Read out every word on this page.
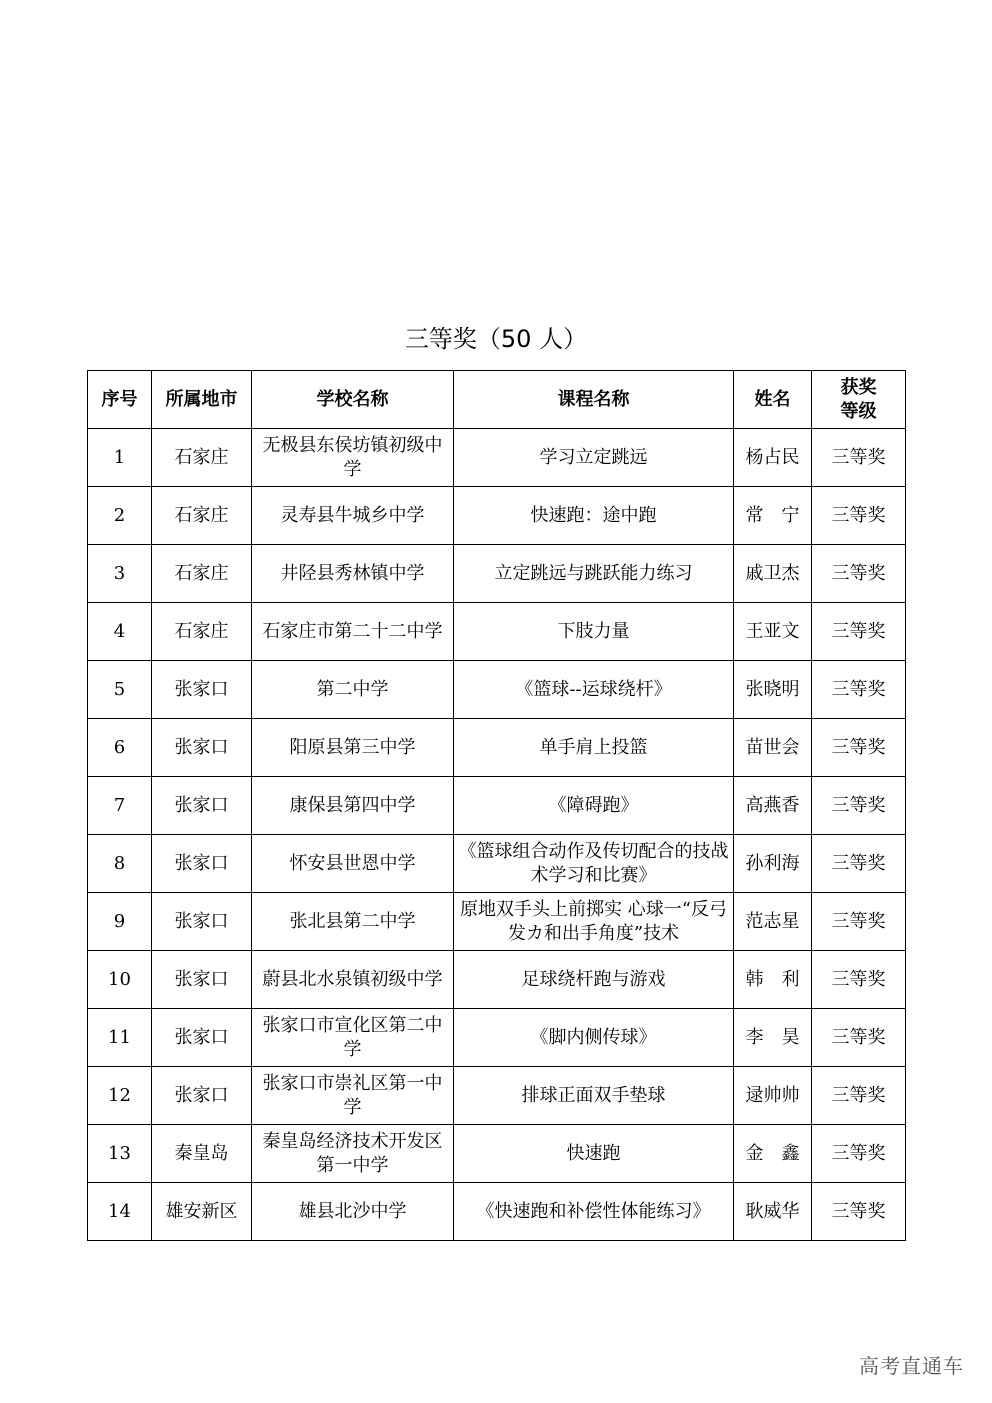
三等奖（50 人）
序号	所属地市	学校名称	课程名称	姓名	获奖
等级
1	石家庄	无极县东侯坊镇初级中学	学习立定跳远	杨占民	三等奖
2	石家庄	灵寿县牛城乡中学	快速跑：途中跑	常　宁	三等奖
3	石家庄	井陉县秀林镇中学	立定跳远与跳跃能力练习	戚卫杰	三等奖
4	石家庄	石家庄市第二十二中学	下肢力量	王亚文	三等奖
5	张家口	第二中学	《篮球--运球绕杆》	张晓明	三等奖
6	张家口	阳原县第三中学	单手肩上投篮	苗世会	三等奖
7	张家口	康保县第四中学	《障碍跑》	高燕香	三等奖
8	张家口	怀安县世恩中学	《篮球组合动作及传切配合的技战术学习和比赛》	孙利海	三等奖
9	张家口	张北县第二中学	原地双手头上前掷实 心球一“反弓发カ和出手角度”技术	范志星	三等奖
10	张家口	蔚县北水泉镇初级中学	足球绕杆跑与游戏	韩　利	三等奖
11	张家口	张家口市宣化区第二中学	《脚内侧传球》	李　昊	三等奖
12	张家口	张家口市崇礼区第一中学	排球正面双手垫球	逯帅帅	三等奖
13	秦皇岛	秦皇岛经济技术开发区第一中学	快速跑	金　鑫	三等奖
14	雄安新区	雄县北沙中学	《快速跑和补偿性体能练习》	耿威华	三等奖
高考直通车
